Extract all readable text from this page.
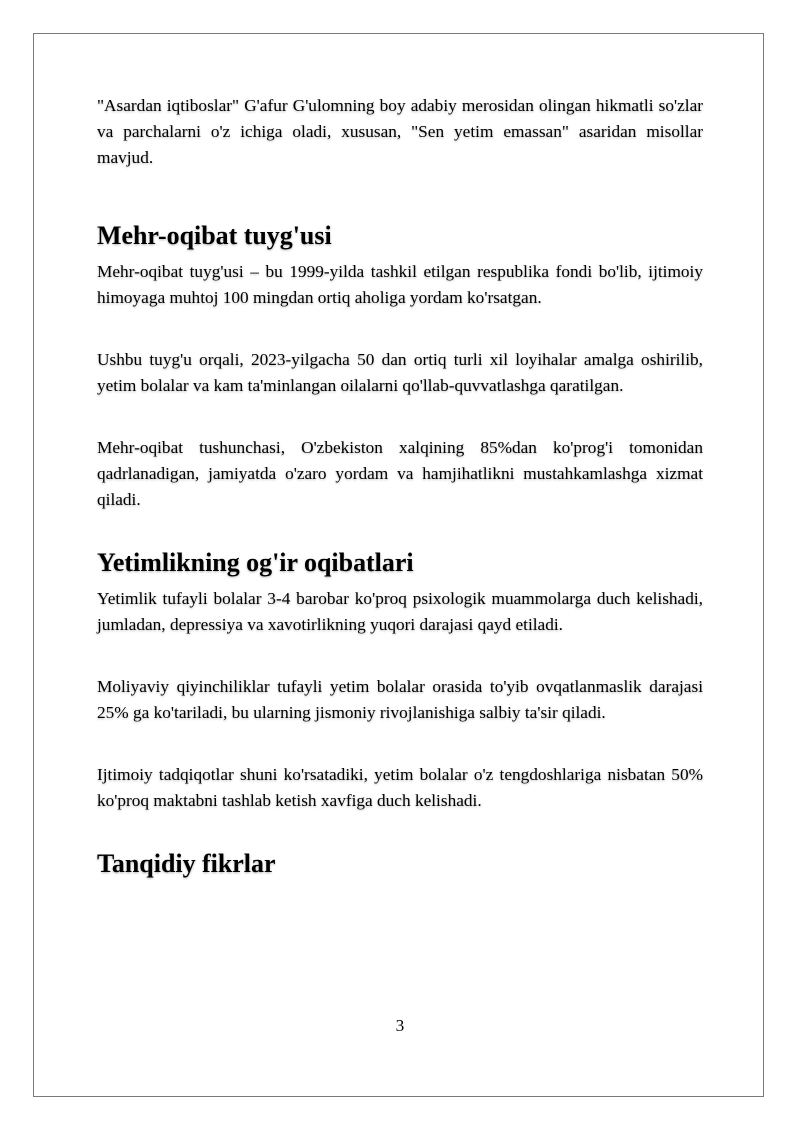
"Asardan iqtiboslar" G'afur G'ulomning boy adabiy merosidan olingan hikmatli so'zlar va parchalarni o'z ichiga oladi, xususan, "Sen yetim emassan" asaridan misollar mavjud.

Mehr-oqibat tuyg'usi

Mehr-oqibat tuyg'usi – bu 1999-yilda tashkil etilgan respublika fondi bo'lib, ijtimoiy himoyaga muhtoj 100 mingdan ortiq aholiga yordam ko'rsatgan.

Ushbu tuyg'u orqali, 2023-yilgacha 50 dan ortiq turli xil loyihalar amalga oshirilib, yetim bolalar va kam ta'minlangan oilalarni qo'llab-quvvatlashga qaratilgan.

Mehr-oqibat tushunchasi, O'zbekiston xalqining 85%dan ko'prog'i tomonidan qadrlanadigan, jamiyatda o'zaro yordam va hamjihatlikni mustahkamlashga xizmat qiladi.

Yetimlikning og'ir oqibatlari

Yetimlik tufayli bolalar 3-4 barobar ko'proq psixologik muammolarga duch kelishadi, jumladan, depressiya va xavotirlikning yuqori darajasi qayd etiladi.

Moliyaviy qiyinchiliklar tufayli yetim bolalar orasida to'yib ovqatlanmaslik darajasi 25% ga ko'tariladi, bu ularning jismoniy rivojlanishiga salbiy ta'sir qiladi.

Ijtimoiy tadqiqotlar shuni ko'rsatadiki, yetim bolalar o'z tengdoshlariga nisbatan 50% ko'proq maktabni tashlab ketish xavfiga duch kelishadi.

Tanqidiy fikrlar
3
